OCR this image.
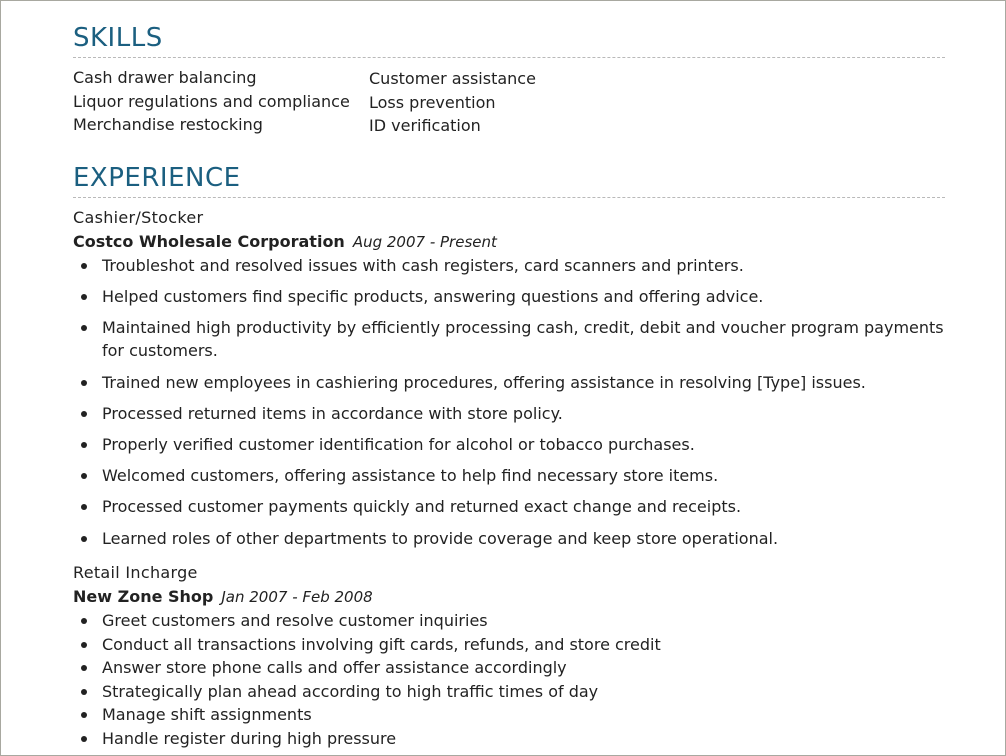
SKILLS
Cash drawer balancing
Liquor regulations and compliance
Merchandise restocking
Customer assistance
Loss prevention
ID verification
EXPERIENCE
Cashier/Stocker
Costco Wholesale Corporation Aug 2007 - Present
Troubleshot and resolved issues with cash registers, card scanners and printers.
Helped customers find specific products, answering questions and offering advice.
Maintained high productivity by efficiently processing cash, credit, debit and voucher program payments for customers.
Trained new employees in cashiering procedures, offering assistance in resolving [Type] issues.
Processed returned items in accordance with store policy.
Properly verified customer identification for alcohol or tobacco purchases.
Welcomed customers, offering assistance to help find necessary store items.
Processed customer payments quickly and returned exact change and receipts.
Learned roles of other departments to provide coverage and keep store operational.
Retail Incharge
New Zone Shop Jan 2007 - Feb 2008
Greet customers and resolve customer inquiries
Conduct all transactions involving gift cards, refunds, and store credit
Answer store phone calls and offer assistance accordingly
Strategically plan ahead according to high traffic times of day
Manage shift assignments
Handle register during high pressure
